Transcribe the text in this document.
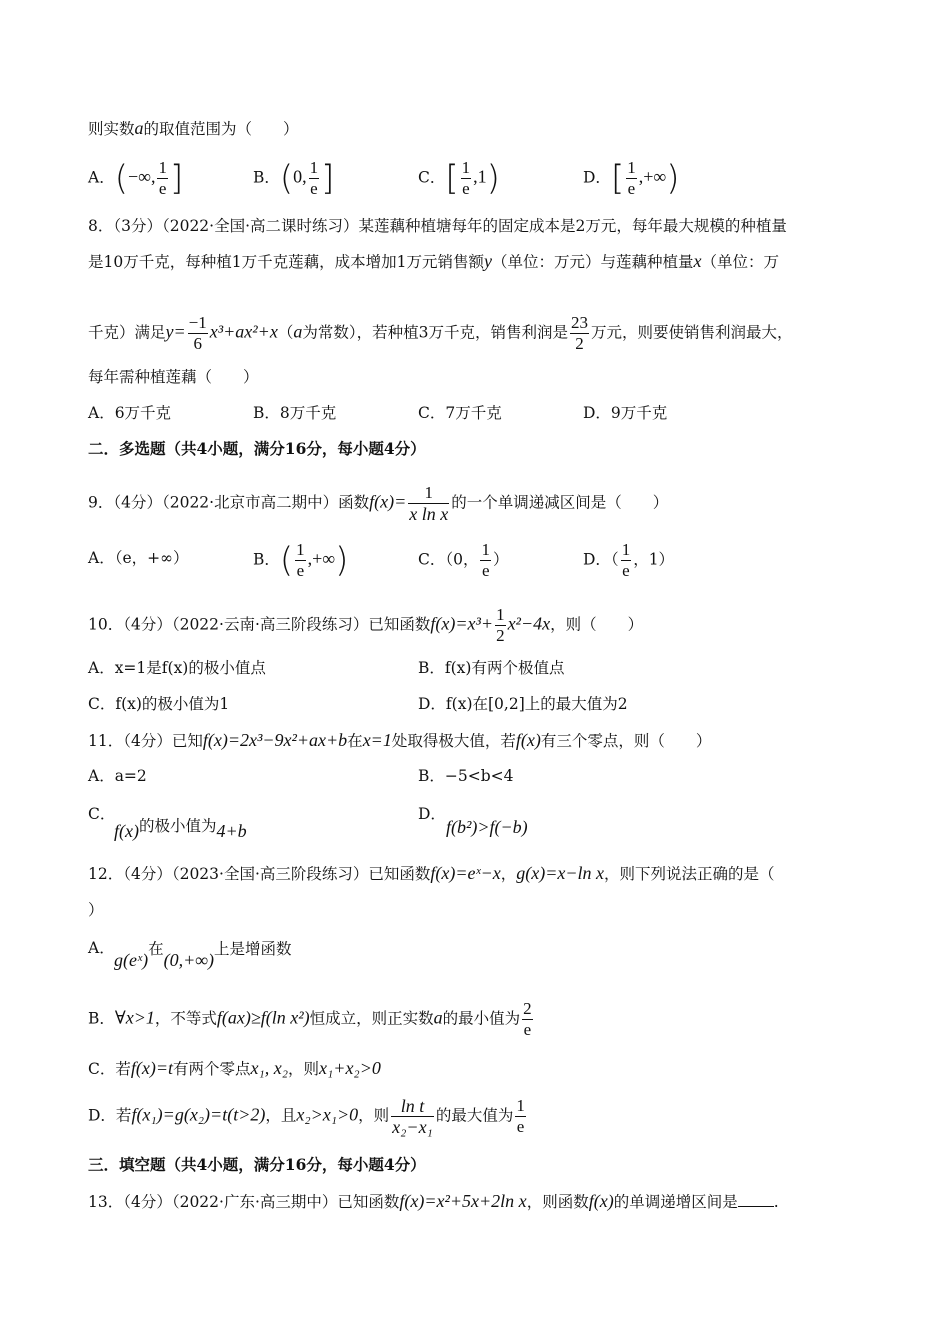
则实数a的取值范围为（　　）
A．(−∞, $\frac{1}{e}$ ]	B．(0, $\frac{1}{e}$ ]	C．[ $\frac{1}{e} ,1$)	D．[ $\frac{1}{e}$ ,+∞)
8．（3分）（2022·全国·高二课时练习）某莲藕种植塘每年的固定成本是2万元，每年最大规模的种植量
是10万千克，每种植1万千克莲藕，成本增加1万元销售额y（单位：万元）与莲藕种植量x（单位：万
千克）满足$y= \frac{-1}{6} x^3+ax^2+x(a$为常数），若种植3万千克，销售利润是 $\frac{23}{2}$ 万元，则要使销售利润最大，
每年需种植莲藕（　　）
A．6万千克	B．8万千克	C．7万千克	D．9万千克
二．多选题（共4小题，满分16分，每小题4分）
9．（4分）（2022·北京市高二期中）函数$f(x)= \frac{1}{\text{x ln x}}$ 的一个单调递减区间是（　　）
A．（e，+∞）	B．( $\frac{1}{e}$ ,+∞)	C．（0， $\frac{1}{e}$ ）	D．（ $\frac{1}{e}$ ，1）
10．（4分）（2022·云南·高三阶段练习）已知函数$f(x)=x^3+ \frac{1}{2} x^2-4x$，则（　　）
A．x=1是f(x)的极小值点	B．f(x)有两个极值点
C．f(x)的极小值为1	D．f(x)在[0,2]上的最大值为2
11．（4分）已知f(x)=2x³−9x²+ax+b在x=1处取得极大值，若f(x)有三个零点，则（　　）
A．a=2	B．−5<b<4
C．
f(x)的极小值为4+b
D．
f(b²)>f(−b)
12．（4分）（2023·全国·高三阶段练习）已知函数f(x)=eˣ−x，g(x)=x−ln x，则下列说法正确的是（
）
A．
g(eˣ)在(0,+∞)上是增函数
B．∀x>1，不等式f(ax)≥f(ln x²)恒成立，则正实数a的最小值为 $\frac{2}{e}$
C．若f(x)=t有两个零点x₁, x₂，则x₁+x₂>0
D．若f(x₁)=g(x₂)=t(t>2)，且x₂>x₁>0，则 $\frac{\text{ln t}}{\text{x₂−x₁}}$ 的最大值为 $\frac{1}{e}$
三．填空题（共4小题，满分16分，每小题4分）
13．（4分）（2022·广东·高三期中）已知函数f(x)=x²+5x+2ln x，则函数f(x)的单调递增区间是 .
